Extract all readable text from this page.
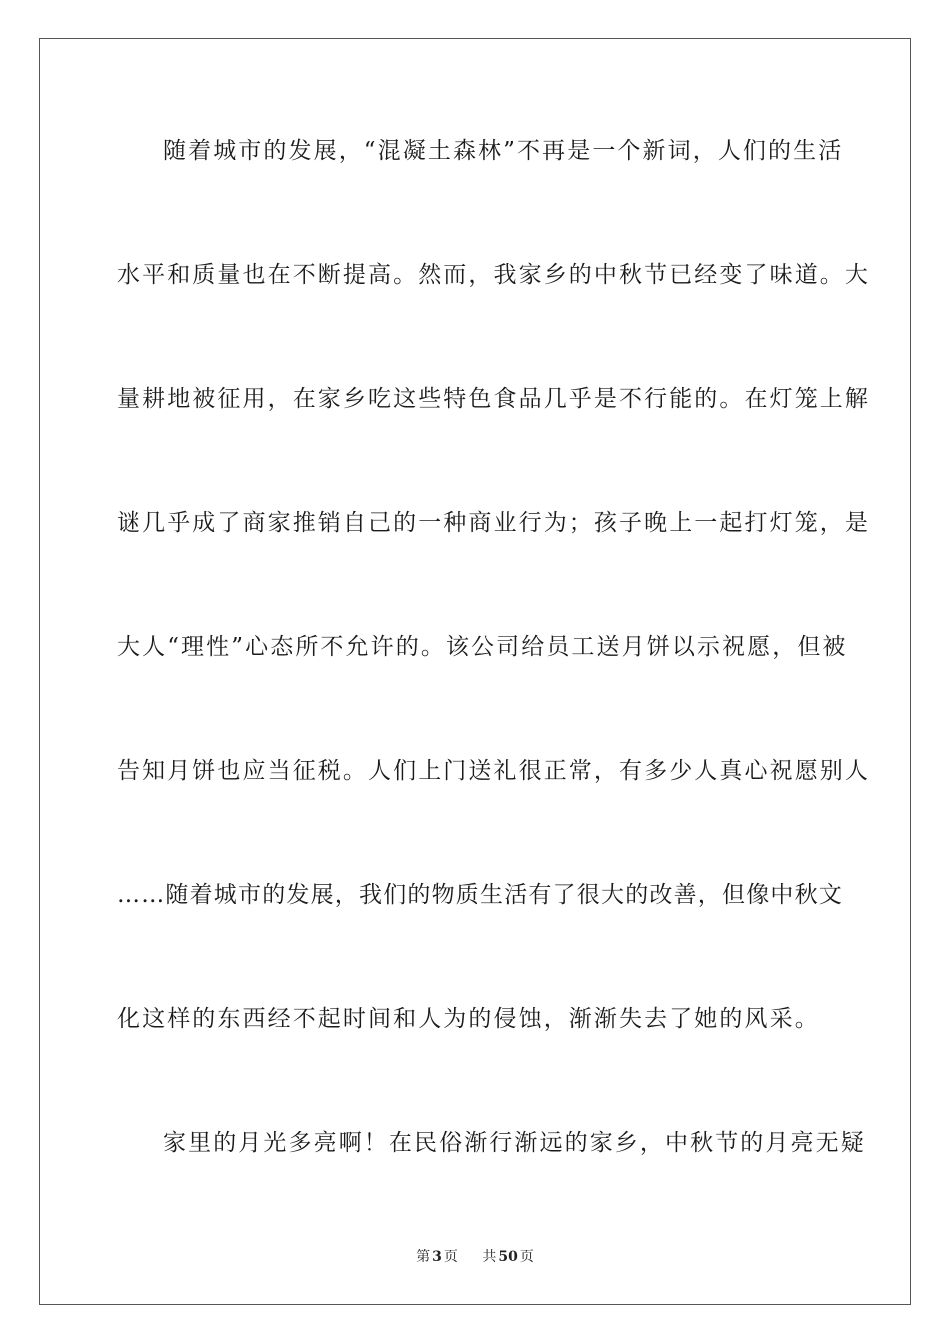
随着城市的发展，“混凝土森林”不再是一个新词，人们的生活
水平和质量也在不断提高。然而，我家乡的中秋节已经变了味道。大
量耕地被征用，在家乡吃这些特色食品几乎是不行能的。在灯笼上解
谜几乎成了商家推销自己的一种商业行为；孩子晚上一起打灯笼，是
大人“理性”心态所不允许的。该公司给员工送月饼以示祝愿，但被
告知月饼也应当征税。人们上门送礼很正常，有多少人真心祝愿别人
……随着城市的发展，我们的物质生活有了很大的改善，但像中秋文
化这样的东西经不起时间和人为的侵蚀，渐渐失去了她的风采。
家里的月光多亮啊！在民俗渐行渐远的家乡，中秋节的月亮无疑
第 3 页 共 50 页
